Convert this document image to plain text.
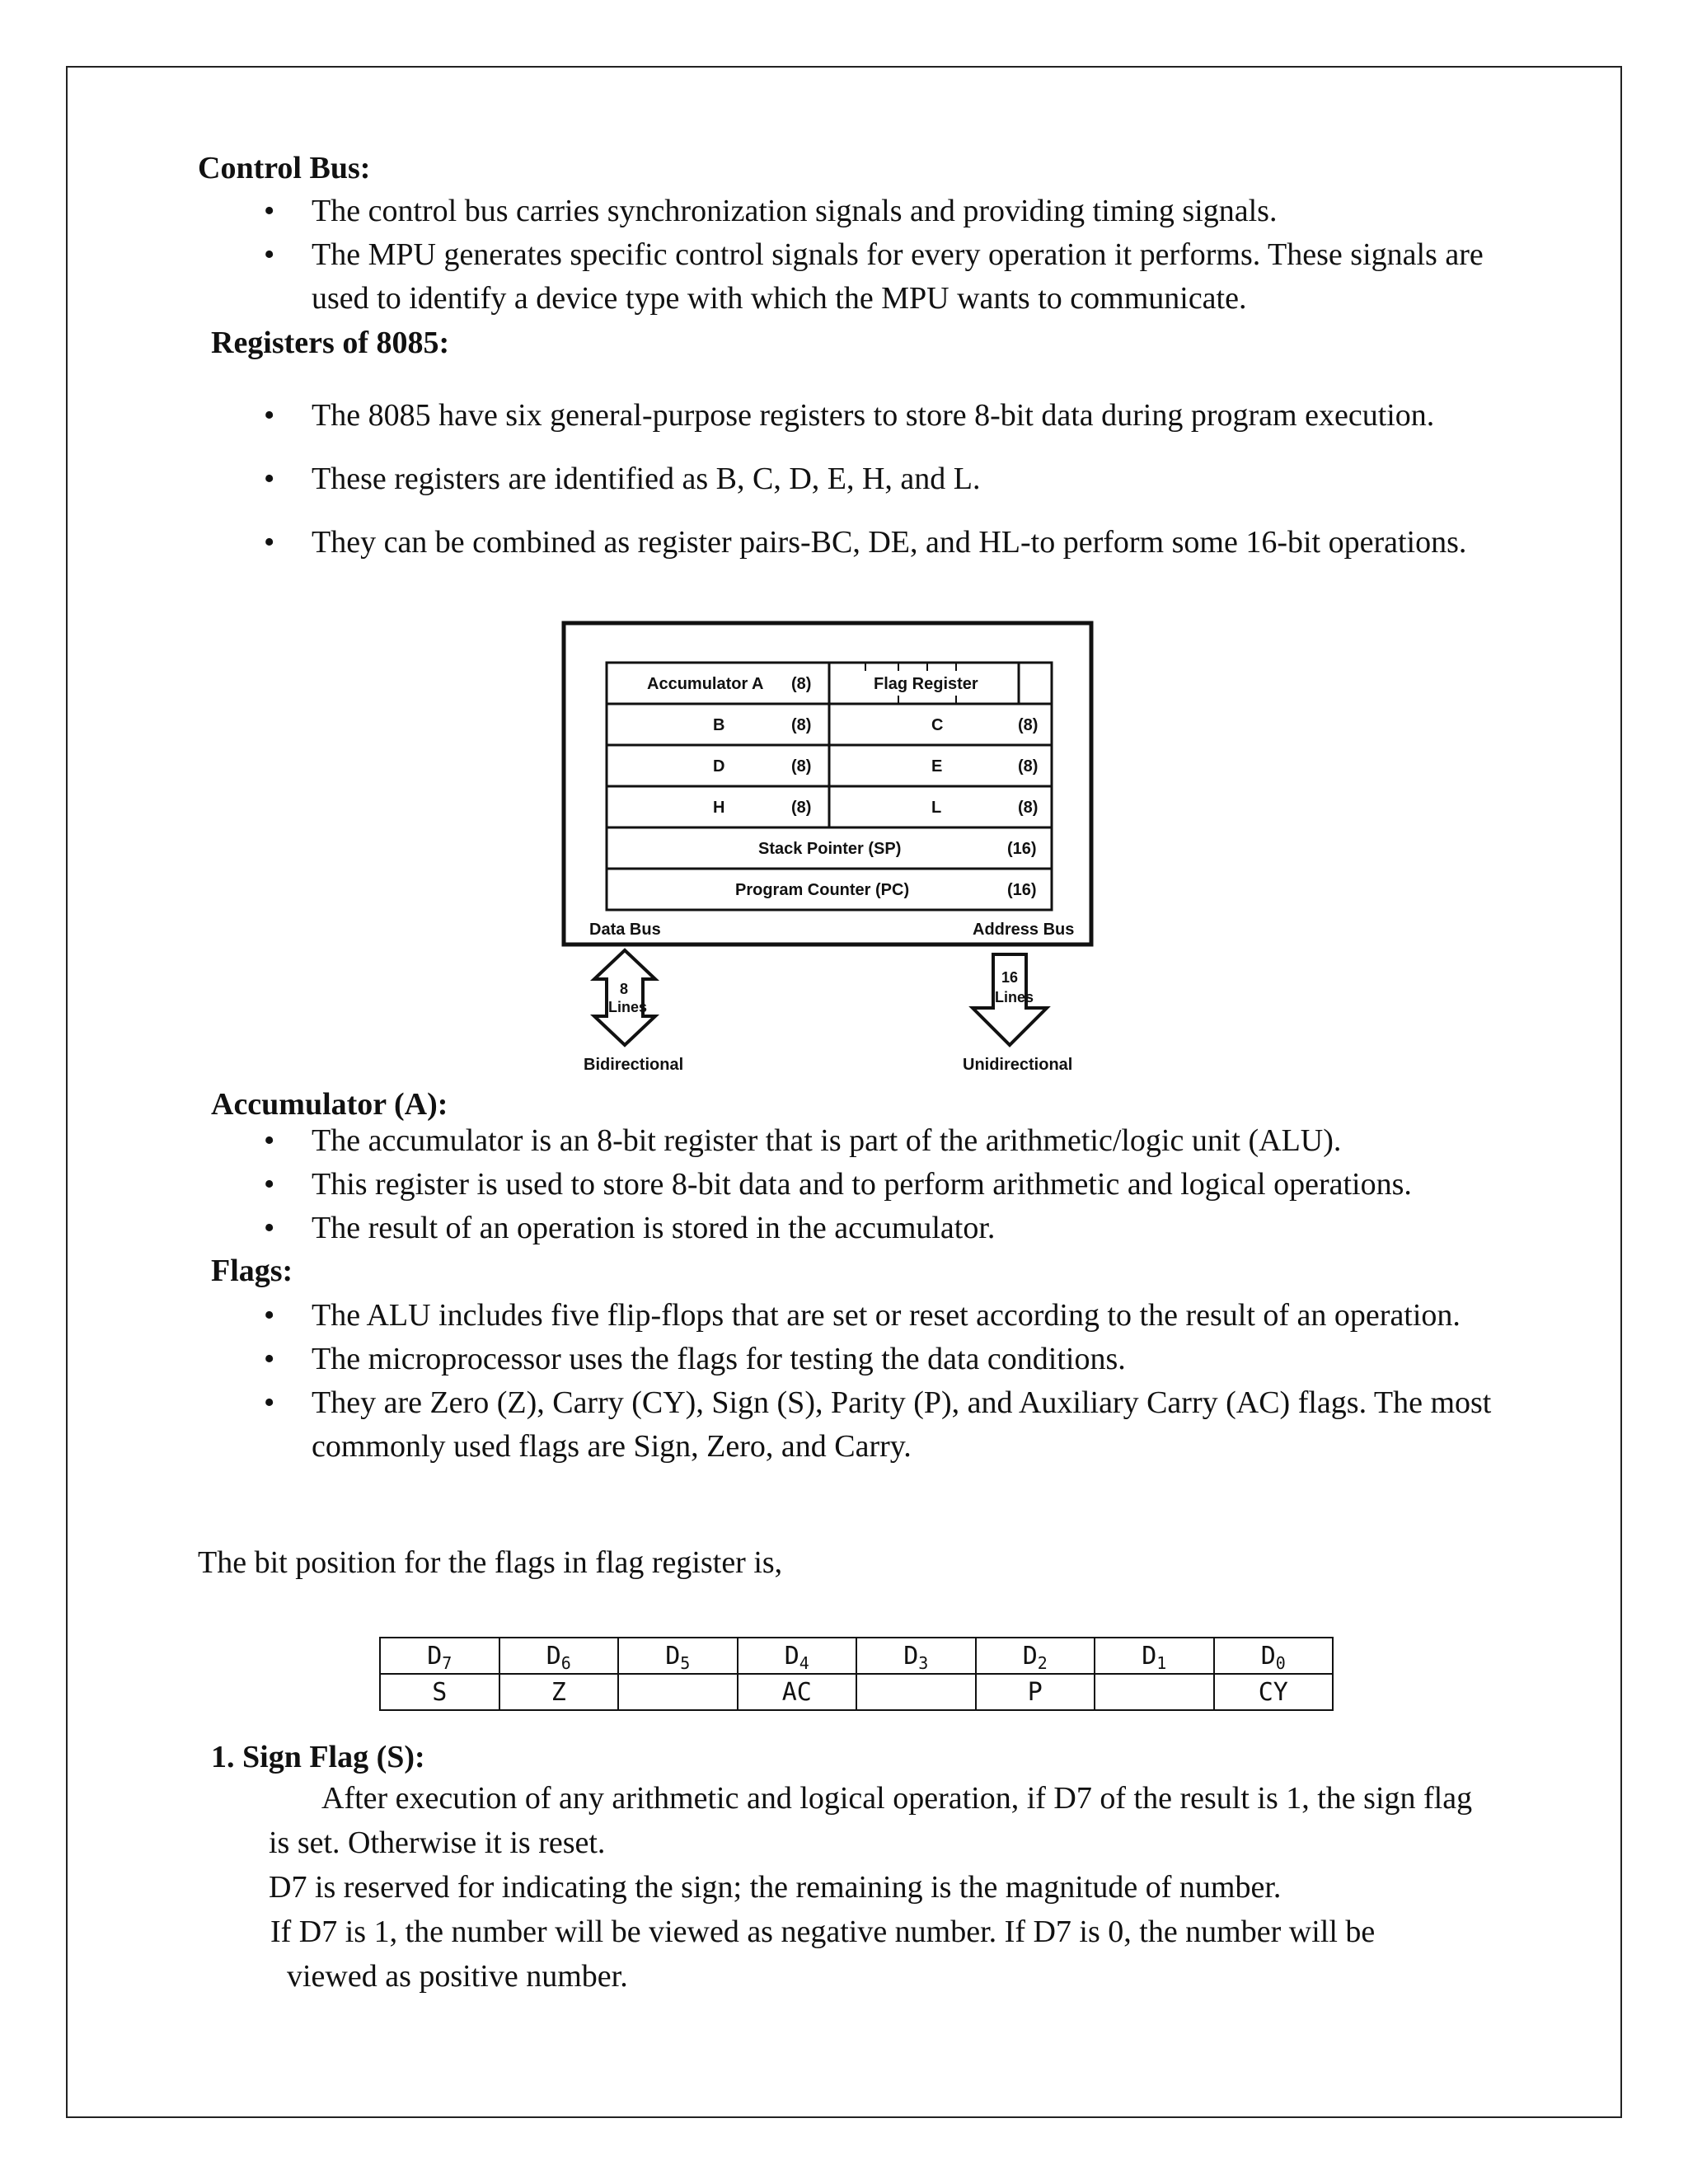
Control Bus:
• The control bus carries synchronization signals and providing timing signals.
• The MPU generates specific control signals for every operation it performs. These signals are used to identify a device type with which the MPU wants to communicate.
Registers of 8085:
• The 8085 have six general-purpose registers to store 8-bit data during program execution.
• These registers are identified as B, C, D, E, H, and L.
• They can be combined as register pairs-BC, DE, and HL-to perform some 16-bit operations.
Accumulator A (8)	Flag Register
B	(8)	C	(8)
D	(8)	E	(8)
H	(8)	L	(8)
Stack Pointer (SP)	(16)
Program Counter (PC)	(16)
Data Bus	Address Bus
8
Lines
16
Lines
Bidirectional	Unidirectional
Accumulator (A):
• The accumulator is an 8-bit register that is part of the arithmetic/logic unit (ALU).
• This register is used to store 8-bit data and to perform arithmetic and logical operations.
• The result of an operation is stored in the accumulator.
Flags:
• The ALU includes five flip-flops that are set or reset according to the result of an operation.
• The microprocessor uses the flags for testing the data conditions.
• They are Zero (Z), Carry (CY), Sign (S), Parity (P), and Auxiliary Carry (AC) flags. The most commonly used flags are Sign, Zero, and Carry.
The bit position for the flags in flag register is,
$D_7$	$D_6$	$D_5$	$D_4$	$D_3$	$D_2$	$D_1$	$D_0$
S	Z		AC		P		CY
1. Sign Flag (S):
After execution of any arithmetic and logical operation, if D7 of the result is 1, the sign flag
is set. Otherwise it is reset.
D7 is reserved for indicating the sign; the remaining is the magnitude of number.
If D7 is 1, the number will be viewed as negative number. If D7 is 0, the number will be
viewed as positive number.
